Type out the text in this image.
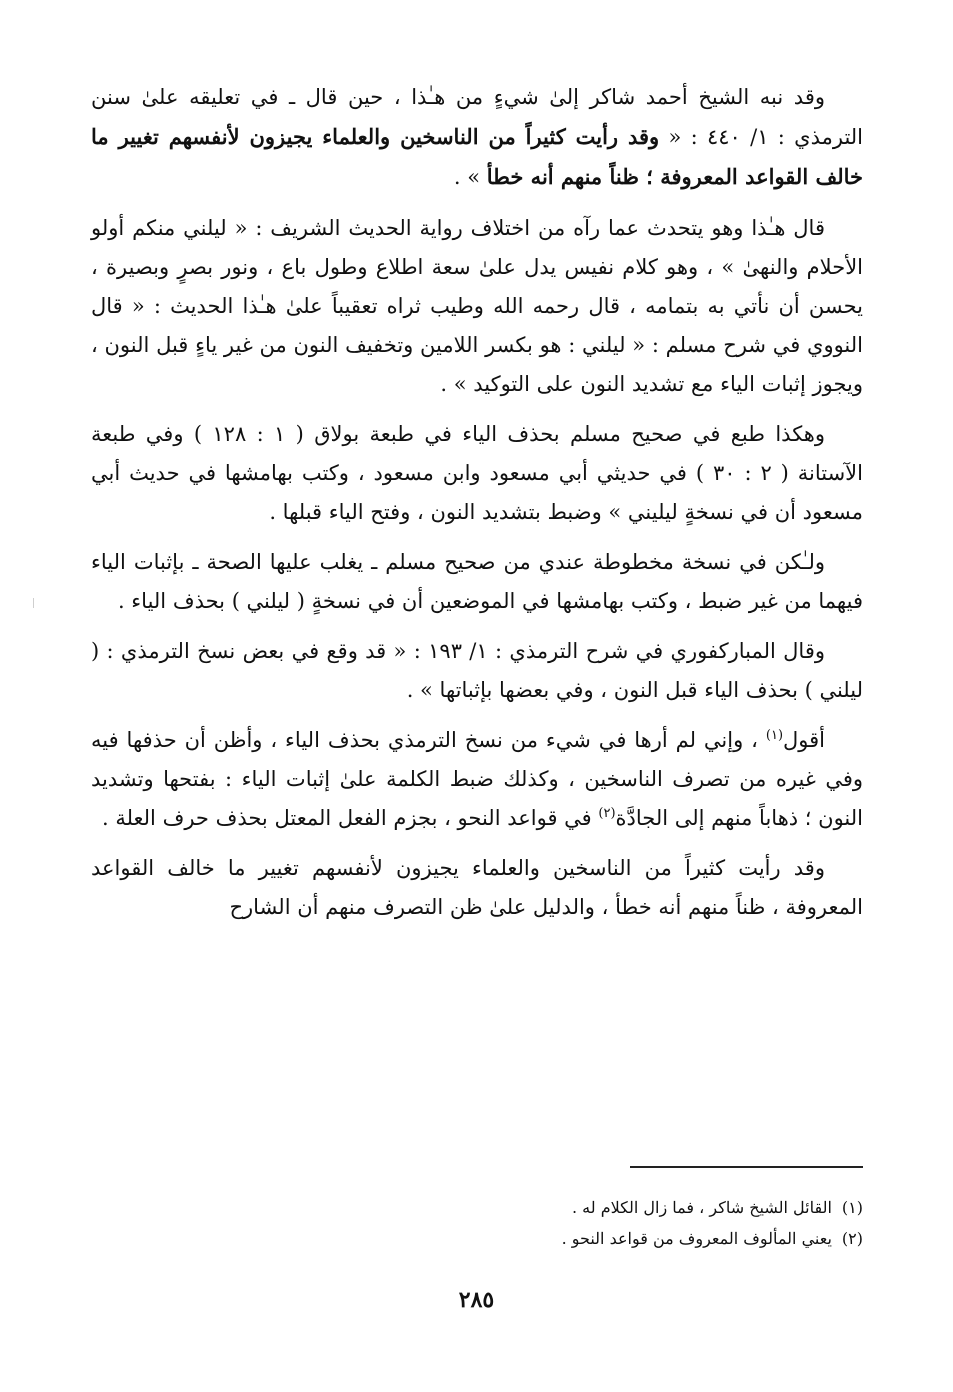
وقد نبه الشيخ أحمد شاكر إلىٰ شيءٍ من هـٰذا ، حين قال ـ في تعليقه علىٰ سنن الترمذي : ١/ ٤٤٠ : « وقد رأيت كثيراً من الناسخين والعلماء يجيزون لأنفسهم تغيير ما خالف القواعد المعروفة ؛ ظناً منهم أنه خطأ » .

قال هـٰذا وهو يتحدث عما رآه من اختلاف رواية الحديث الشريف : « ليلني منكم أولو الأحلام والنهىٰ » ، وهو كلام نفيس يدل علىٰ سعة اطلاع وطول باع ، ونور بصرٍ وبصيرة ، يحسن أن نأتي به بتمامه ، قال رحمه الله وطيب ثراه تعقيباً علىٰ هـٰذا الحديث : « قال النووي في شرح مسلم : « ليلني : هو بكسر اللامين وتخفيف النون من غير ياءٍ قبل النون ، ويجوز إثبات الياء مع تشديد النون على التوكيد » .

وهكذا طبع في صحيح مسلم بحذف الياء في طبعة بولاق ( ١ : ١٢٨ ) وفي طبعة الآستانة ( ٢ : ٣٠ ) في حديثي أبي مسعود وابن مسعود ، وكتب بهامشها في حديث أبي مسعود أن في نسخةٍ ليليني » وضبط بتشديد النون ، وفتح الياء قبلها .

ولـٰكن في نسخة مخطوطة عندي من صحيح مسلم ـ يغلب عليها الصحة ـ بإثبات الياء فيهما من غير ضبط ، وكتب بهامشها في الموضعين أن في نسخةٍ ( ليلني ) بحذف الياء .

وقال المباركفوري في شرح الترمذي : ١/ ١٩٣ : « قد وقع في بعض نسخ الترمذي : ( ليلني ) بحذف الياء قبل النون ، وفي بعضها بإثباتها » .

أقول$^{(١)}$ ، وإني لم أرها في شيء من نسخ الترمذي بحذف الياء ، وأظن أن حذفها فيه وفي غيره من تصرف الناسخين ، وكذلك ضبط الكلمة علىٰ إثبات الياء : بفتحها وتشديد النون ؛ ذهاباً منهم إلى الجادَّة$^{(٢)}$ في قواعد النحو ، بجزم الفعل المعتل بحذف حرف العلة .

وقد رأيت كثيراً من الناسخين والعلماء يجيزون لأنفسهم تغيير ما خالف القواعد المعروفة ، ظناً منهم أنه خطأ ، والدليل علىٰ ظن التصرف منهم أن الشارح

(١)القائل الشيخ شاكر ، فما زال الكلام له .
(٢)يعني المألوف المعروف من قواعد النحو .
٢٨٥
